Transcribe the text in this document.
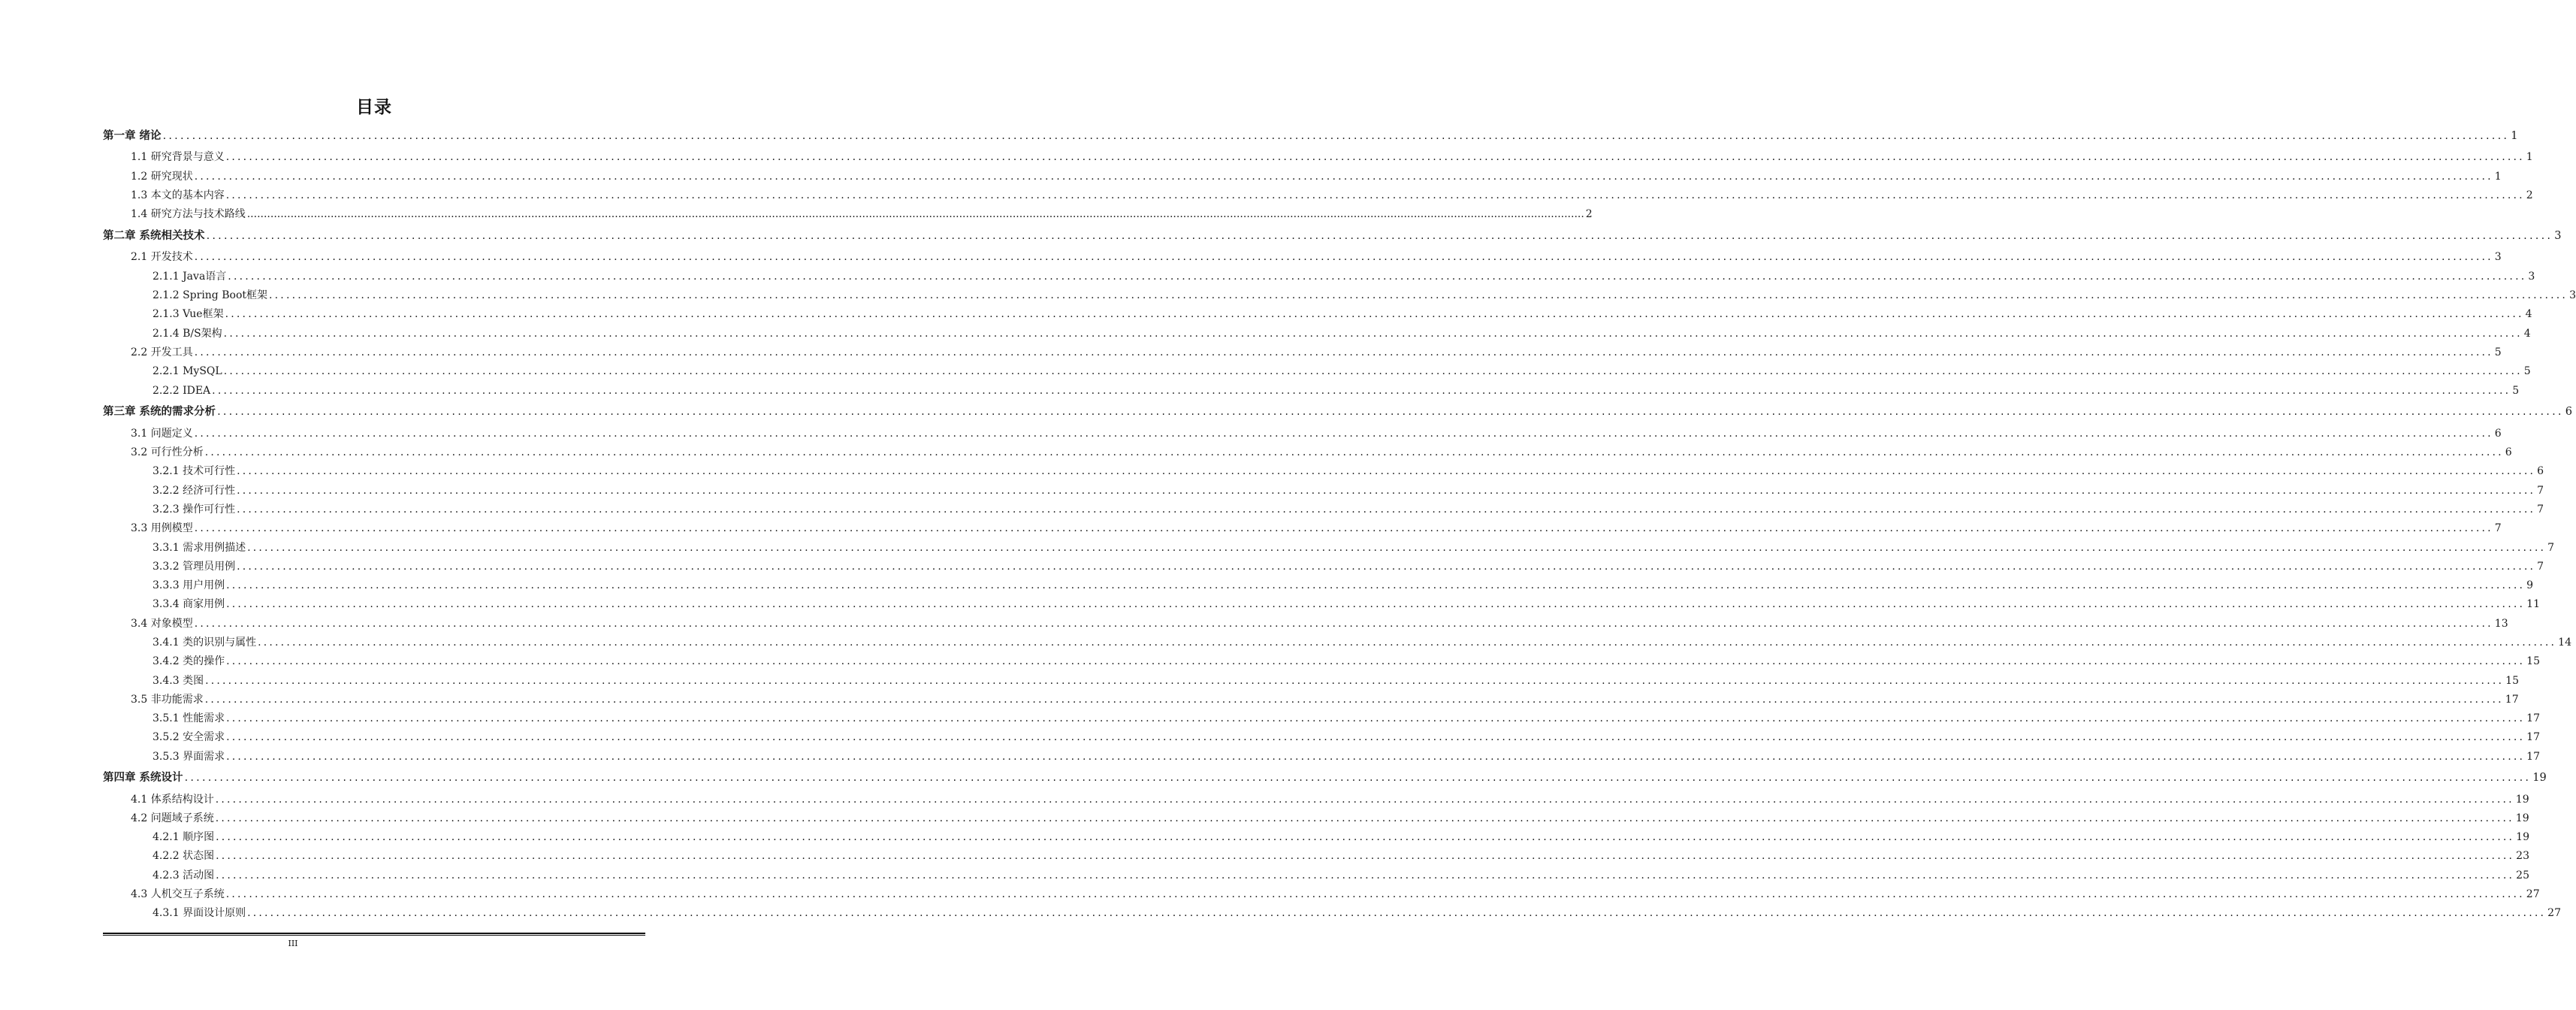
目录
第一章 绪论 ................................................................................................................................................................................................................................................................................................................................................................................................................ 1
1.1 研究背景与意义 ................................................................................................................................................................................................................................................................................................................................................................................................................ 1
1.2 研究现状 ................................................................................................................................................................................................................................................................................................................................................................................................................ 1
1.3 本文的基本内容 ................................................................................................................................................................................................................................................................................................................................................................................................................ 2
1.4 研究方法与技术路线 ................................................................................................................................................................................................................................................................................................................................................................................................................ 2
第二章 系统相关技术 ................................................................................................................................................................................................................................................................................................................................................................................................................ 3
2.1 开发技术 ................................................................................................................................................................................................................................................................................................................................................................................................................ 3
2.1.1 Java语言 ................................................................................................................................................................................................................................................................................................................................................................................................................ 3
2.1.2 Spring Boot框架 ................................................................................................................................................................................................................................................................................................................................................................................................................ 3
2.1.3 Vue框架 ................................................................................................................................................................................................................................................................................................................................................................................................................ 4
2.1.4 B/S架构 ................................................................................................................................................................................................................................................................................................................................................................................................................ 4
2.2 开发工具 ................................................................................................................................................................................................................................................................................................................................................................................................................ 5
2.2.1 MySQL ................................................................................................................................................................................................................................................................................................................................................................................................................ 5
2.2.2 IDEA ................................................................................................................................................................................................................................................................................................................................................................................................................ 5
第三章 系统的需求分析 ................................................................................................................................................................................................................................................................................................................................................................................................................ 6
3.1 问题定义 ................................................................................................................................................................................................................................................................................................................................................................................................................ 6
3.2 可行性分析 ................................................................................................................................................................................................................................................................................................................................................................................................................ 6
3.2.1 技术可行性 ................................................................................................................................................................................................................................................................................................................................................................................................................ 6
3.2.2 经济可行性 ................................................................................................................................................................................................................................................................................................................................................................................................................ 7
3.2.3 操作可行性 ................................................................................................................................................................................................................................................................................................................................................................................................................ 7
3.3 用例模型 ................................................................................................................................................................................................................................................................................................................................................................................................................ 7
3.3.1 需求用例描述 ................................................................................................................................................................................................................................................................................................................................................................................................................ 7
3.3.2 管理员用例 ................................................................................................................................................................................................................................................................................................................................................................................................................ 7
3.3.3 用户用例 ................................................................................................................................................................................................................................................................................................................................................................................................................ 9
3.3.4 商家用例 ................................................................................................................................................................................................................................................................................................................................................................................................................ 11
3.4 对象模型 ................................................................................................................................................................................................................................................................................................................................................................................................................ 13
3.4.1 类的识别与属性 ................................................................................................................................................................................................................................................................................................................................................................................................................ 14
3.4.2 类的操作 ................................................................................................................................................................................................................................................................................................................................................................................................................ 15
3.4.3 类图 ................................................................................................................................................................................................................................................................................................................................................................................................................ 15
3.5 非功能需求 ................................................................................................................................................................................................................................................................................................................................................................................................................ 17
3.5.1 性能需求 ................................................................................................................................................................................................................................................................................................................................................................................................................ 17
3.5.2 安全需求 ................................................................................................................................................................................................................................................................................................................................................................................................................ 17
3.5.3 界面需求 ................................................................................................................................................................................................................................................................................................................................................................................................................ 17
第四章 系统设计 ................................................................................................................................................................................................................................................................................................................................................................................................................ 19
4.1 体系结构设计 ................................................................................................................................................................................................................................................................................................................................................................................................................ 19
4.2 问题域子系统 ................................................................................................................................................................................................................................................................................................................................................................................................................ 19
4.2.1 顺序图 ................................................................................................................................................................................................................................................................................................................................................................................................................ 19
4.2.2 状态图 ................................................................................................................................................................................................................................................................................................................................................................................................................ 23
4.2.3 活动图 ................................................................................................................................................................................................................................................................................................................................................................................................................ 25
4.3 人机交互子系统 ................................................................................................................................................................................................................................................................................................................................................................................................................ 27
4.3.1 界面设计原则 ................................................................................................................................................................................................................................................................................................................................................................................................................ 27
III
